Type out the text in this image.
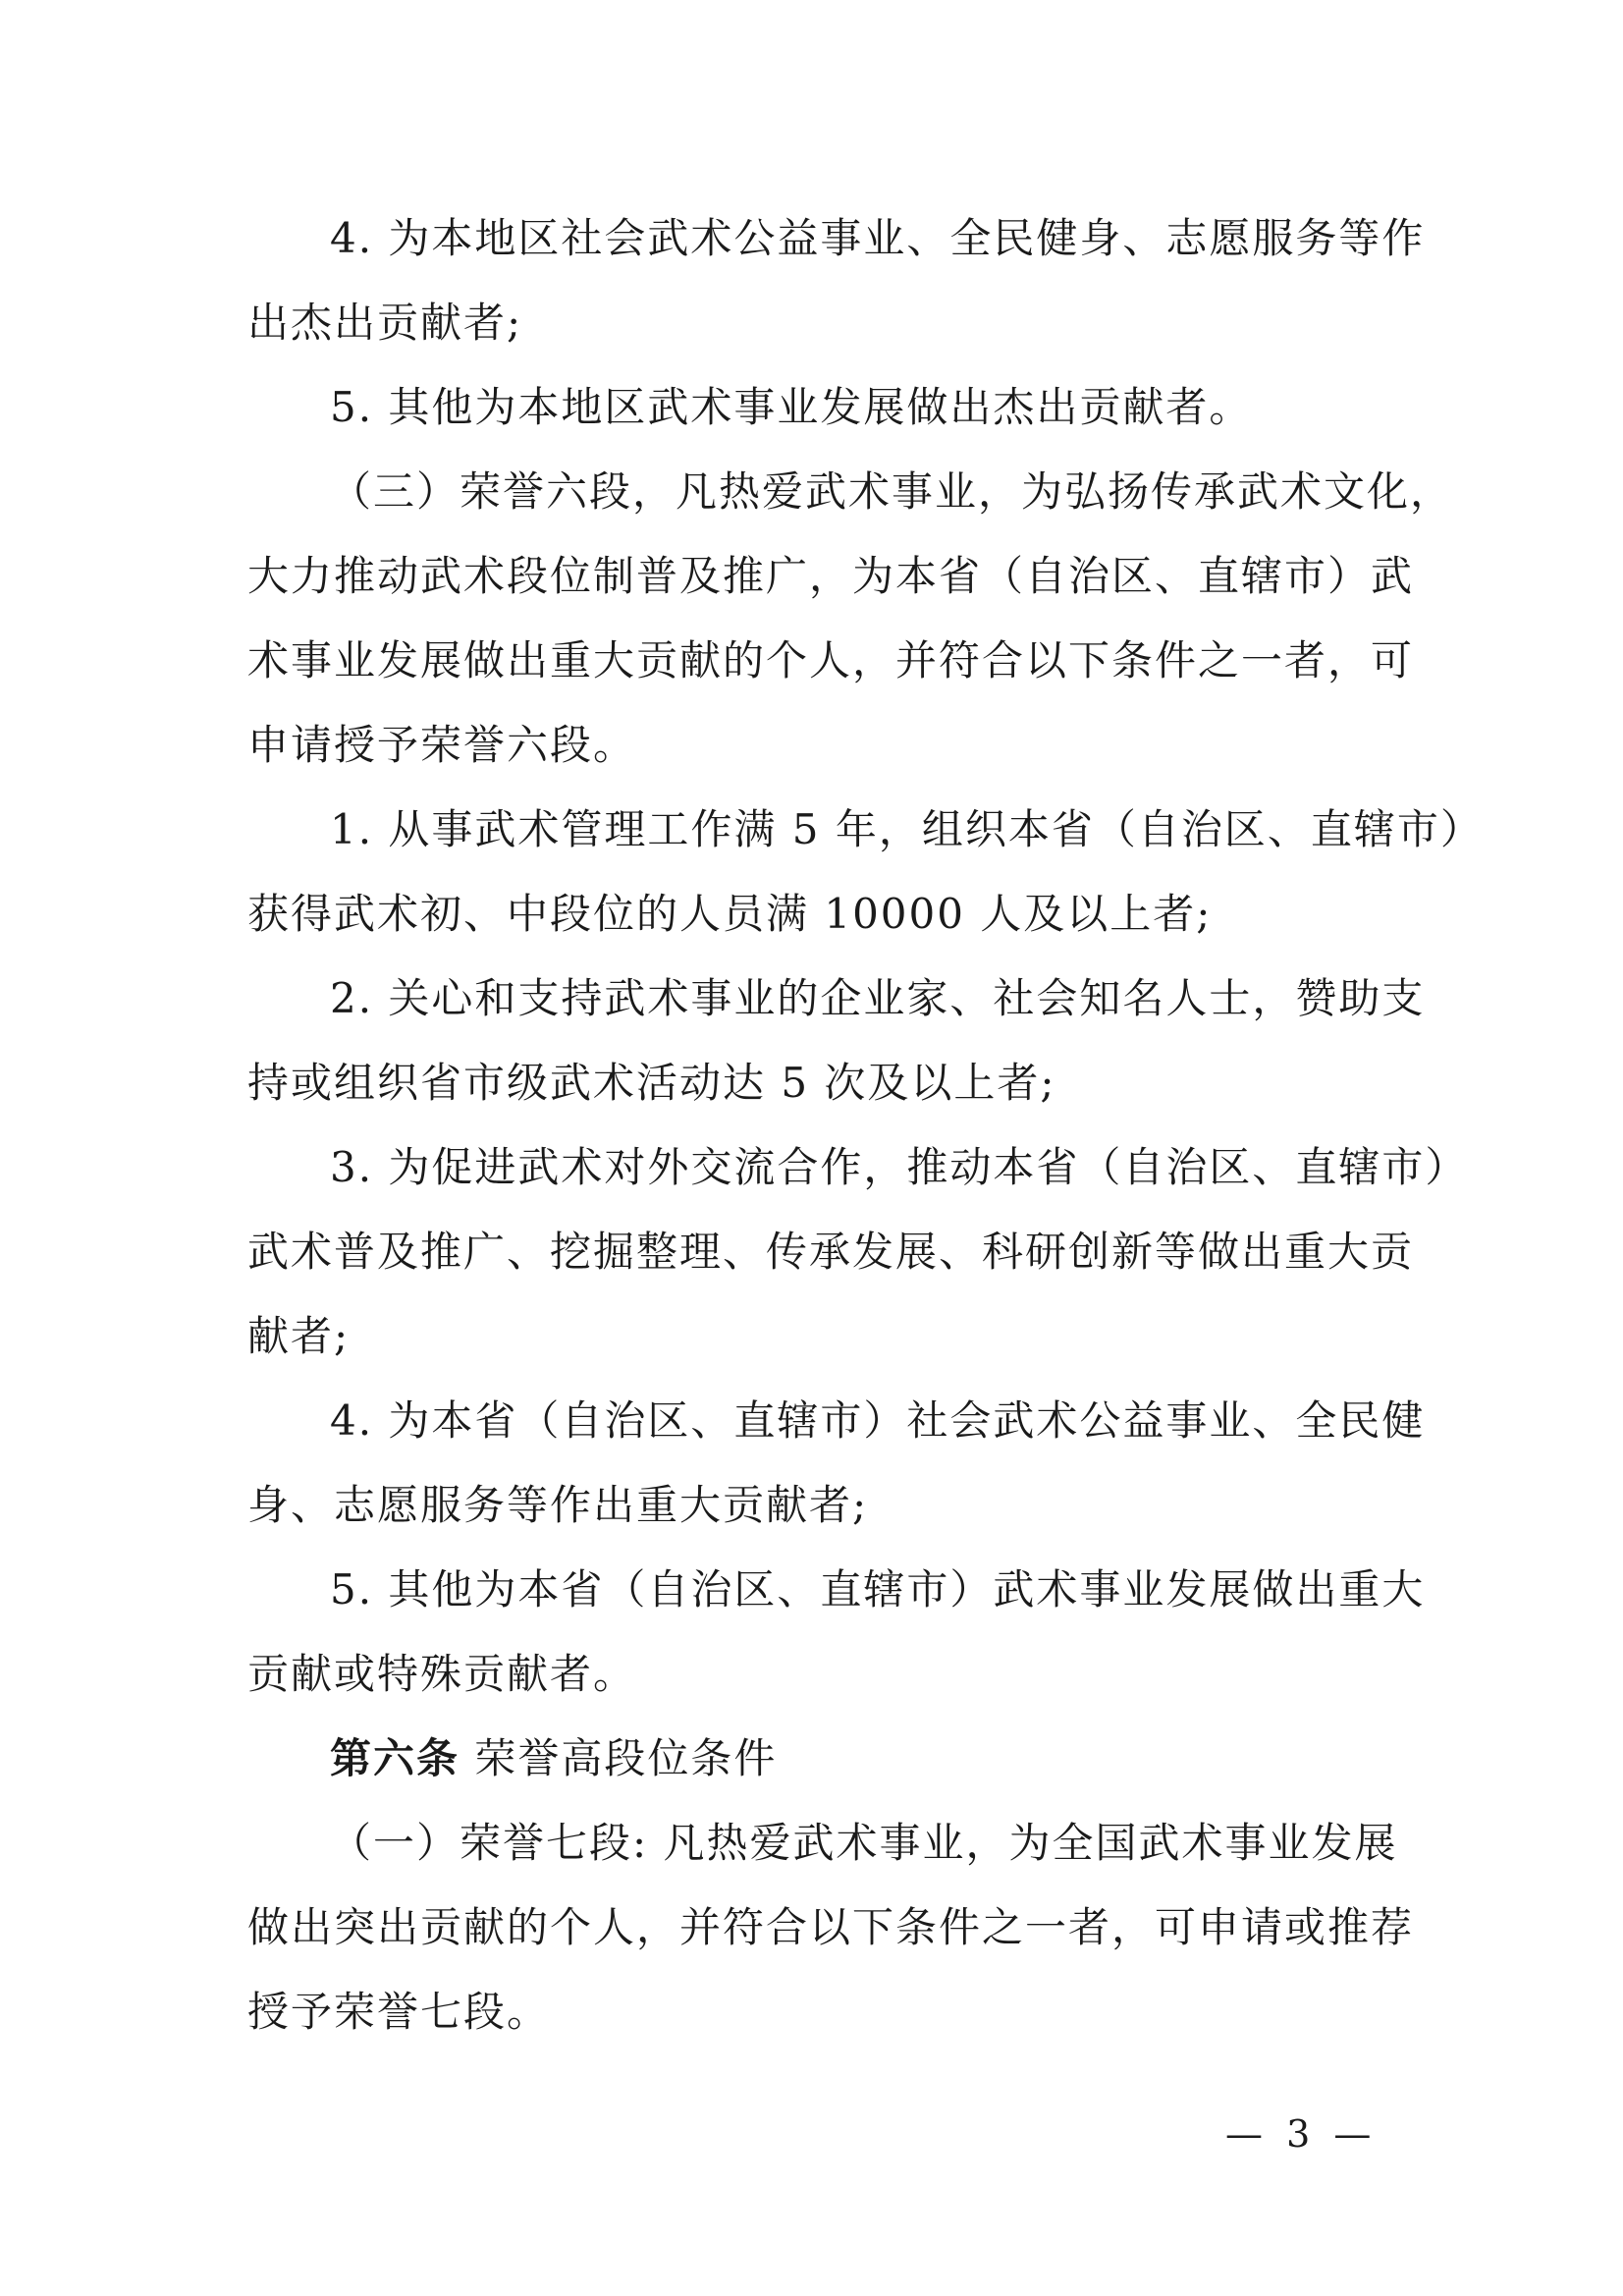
4. 为本地区社会武术公益事业、全民健身、志愿服务等作
出杰出贡献者;
5. 其他为本地区武术事业发展做出杰出贡献者。
（三）荣誉六段，凡热爱武术事业，为弘扬传承武术文化，
大力推动武术段位制普及推广，为本省（自治区、直辖市）武
术事业发展做出重大贡献的个人，并符合以下条件之一者，可
申请授予荣誉六段。
1. 从事武术管理工作满 5 年，组织本省（自治区、直辖市）
获得武术初、中段位的人员满 10000 人及以上者;
2. 关心和支持武术事业的企业家、社会知名人士，赞助支
持或组织省市级武术活动达 5 次及以上者;
3. 为促进武术对外交流合作，推动本省（自治区、直辖市）
武术普及推广、挖掘整理、传承发展、科研创新等做出重大贡
献者;
4. 为本省（自治区、直辖市）社会武术公益事业、全民健
身、志愿服务等作出重大贡献者;
5. 其他为本省（自治区、直辖市）武术事业发展做出重大
贡献或特殊贡献者。
第六条 荣誉高段位条件
（一）荣誉七段: 凡热爱武术事业，为全国武术事业发展
做出突出贡献的个人，并符合以下条件之一者，可申请或推荐
授予荣誉七段。
— 3 —
